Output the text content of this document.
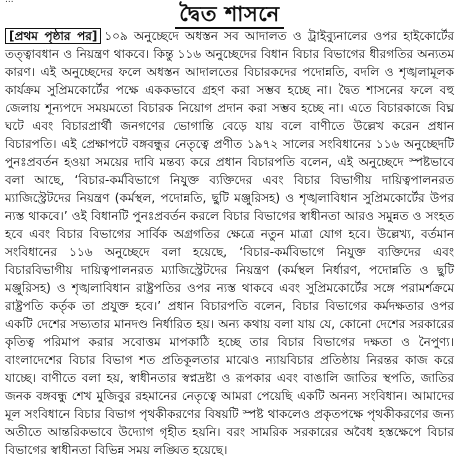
দ্বৈত শাসনে

[প্রথম পৃষ্ঠার পর] ১০৯ অনুচ্ছেদে অধস্তন সব আদালত ও ট্রাইব্যুনালের ওপর হাইকোর্টের তত্ত্বাবধান ও নিয়ন্ত্রণ থাকবে। কিন্তু ১১৬ অনুচ্ছেদের বিধান বিচার বিভাগের ধীরগতির অন্যতম কারণ। এই অনুচ্ছেদের ফলে অধস্তন আদালতের বিচারকদের পদোন্নতি, বদলি ও শৃঙ্খলামূলক কার্যক্রম সুপ্রিমকোর্টের পক্ষে এককভাবে গ্রহণ করা সম্ভব হচ্ছে না। দ্বৈত শাসনের ফলে বহু জেলায় শূন্যপদে সময়মতো বিচারক নিয়োগ প্রদান করা সম্ভব হচ্ছে না। এতে বিচারকাজে বিঘ্ন ঘটে এবং বিচারপ্রার্থী জনগণের ভোগান্তি বেড়ে যায় বলে বাণীতে উল্লেখ করেন প্রধান বিচারপতি। এই প্রেক্ষাপটে বঙ্গবন্ধুর নেতৃত্বে প্রণীত ১৯৭২ সালের সংবিধানের ১১৬ অনুচ্ছেদটি পুনঃপ্রবর্তন হওয়া সময়ের দাবি মন্তব্য করে প্রধান বিচারপতি বলেন, এই অনুচ্ছেদে স্পষ্টভাবে বলা আছে, ‘বিচার-কর্মবিভাগে নিযুক্ত ব্যক্তিদের এবং বিচার বিভাগীয় দায়িত্বপালনরত ম্যাজিস্ট্রেটদের নিয়ন্ত্রণ (কর্মস্থল, পদোন্নতি, ছুটি মঞ্জুরিসহ) ও শৃঙ্খলাবিধান সুপ্রিমকোর্টের উপর ন্যস্ত থাকবে।’ ওই বিধানটি পুনঃপ্রবর্তন করলে বিচার বিভাগের স্বাধীনতা আরও সমুন্নত ও সংহত হবে এবং বিচার বিভাগের সার্বিক অগ্রগতির ক্ষেত্রে নতুন মাত্রা যোগ হবে। উল্লেখ্য, বর্তমান সংবিধানের ১১৬ অনুচ্ছেদে বলা হয়েছে, ‘বিচার-কর্মবিভাগে নিযুক্ত ব্যক্তিদের এবং বিচারবিভাগীয় দায়িত্বপালনরত ম্যাজিস্ট্রেটদের নিয়ন্ত্রণ (কর্মস্থল নির্ধারণ, পদোন্নতি ও ছুটি মঞ্জুরিসহ) ও শৃঙ্খলাবিধান রাষ্ট্রপতির ওপর ন্যস্ত থাকবে এবং সুপ্রিমকোর্টের সঙ্গে পরামর্শক্রমে রাষ্ট্রপতি কর্তৃক তা প্রযুক্ত হবে।’ প্রধান বিচারপতি বলেন, বিচার বিভাগের কর্মদক্ষতার ওপর একটি দেশের সভ্যতার মানদণ্ড নির্ধারিত হয়। অন্য কথায় বলা যায় যে, কোনো দেশের সরকারের কৃতিত্ব পরিমাপ করার সবোত্তম মাপকাঠি হচ্ছে তার বিচার বিভাগের দক্ষতা ও নৈপুণ্য। বাংলাদেশের বিচার বিভাগ শত প্রতিকূলতার মাঝেও ন্যায়বিচার প্রতিষ্ঠায় নিরন্তর কাজ করে যাচ্ছে। বাণীতে বলা হয়, স্বাধীনতার স্বপ্নদ্রষ্টা ও রূপকার এবং বাঙালি জাতির স্থপতি, জাতির জনক বঙ্গবন্ধু শেখ মুজিবুর রহমানের নেতৃত্বে আমরা পেয়েছি একটি অনন্য সংবিধান। আমাদের মূল সংবিধানে বিচার বিভাগ পৃথকীকরণের বিষয়টি স্পষ্ট থাকলেও প্রকৃতপক্ষে পৃথকীকরণের জন্য অতীতে আন্তরিকভাবে উদ্যোগ গৃহীত হয়নি। বরং সামরিক সরকারের অবৈধ হস্তক্ষেপে বিচার বিভাগের স্বাধীনতা বিভিন্ন সময় লঙ্ঘিত হয়েছে।
